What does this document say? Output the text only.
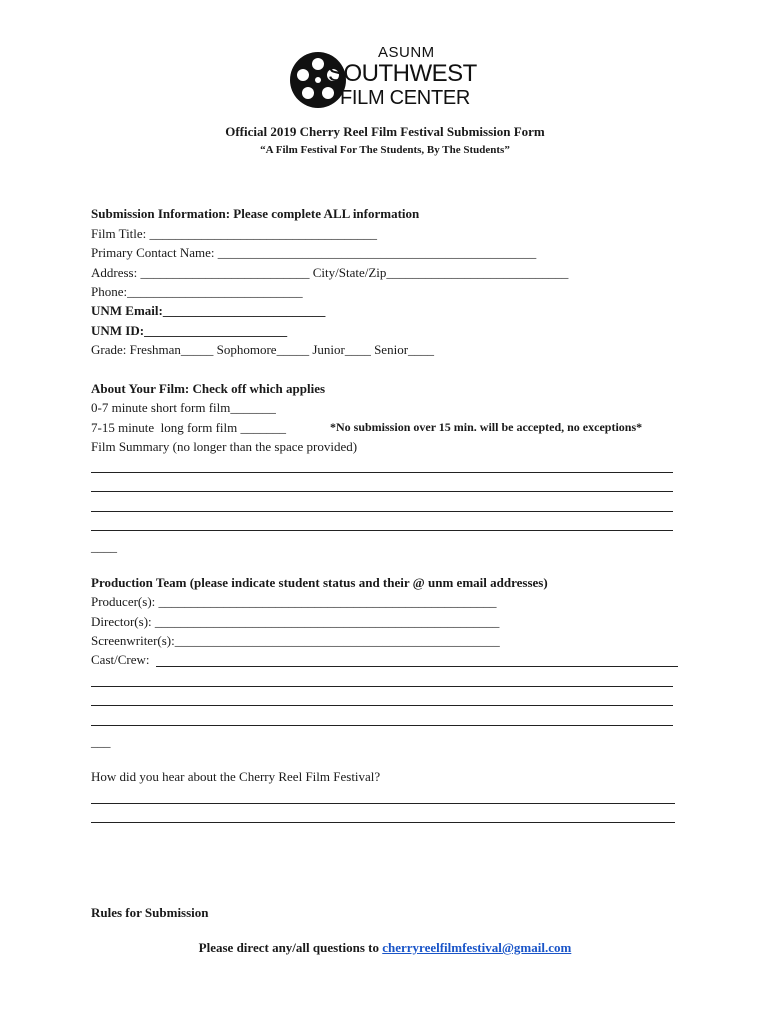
ASUNM
SOUTHWEST
FILM CENTER
Official 2019 Cherry Reel Film Festival Submission Form
“A Film Festival For The Students, By The Students”
Submission Information: Please complete ALL information
Film Title: ___________________________________
Primary Contact Name: _________________________________________________
Address: __________________________ City/State/Zip____________________________
Phone:___________________________
UNM Email:_________________________
UNM ID:______________________
Grade: Freshman_____ Sophomore_____ Junior____ Senior____
About Your Film: Check off which applies
0-7 minute short form film_______
7-15 minute  long form film _______	*No submission over 15 min. will be accepted, no exceptions*
Film Summary (no longer than the space provided)
____
Production Team (please indicate student status and their @ unm email addresses)
Producer(s): ____________________________________________________
Director(s): _____________________________________________________
Screenwriter(s):__________________________________________________
Cast/Crew:
___
How did you hear about the Cherry Reel Film Festival?
Rules for Submission
Please direct any/all questions to cherryreelfilmfestival@gmail.com
